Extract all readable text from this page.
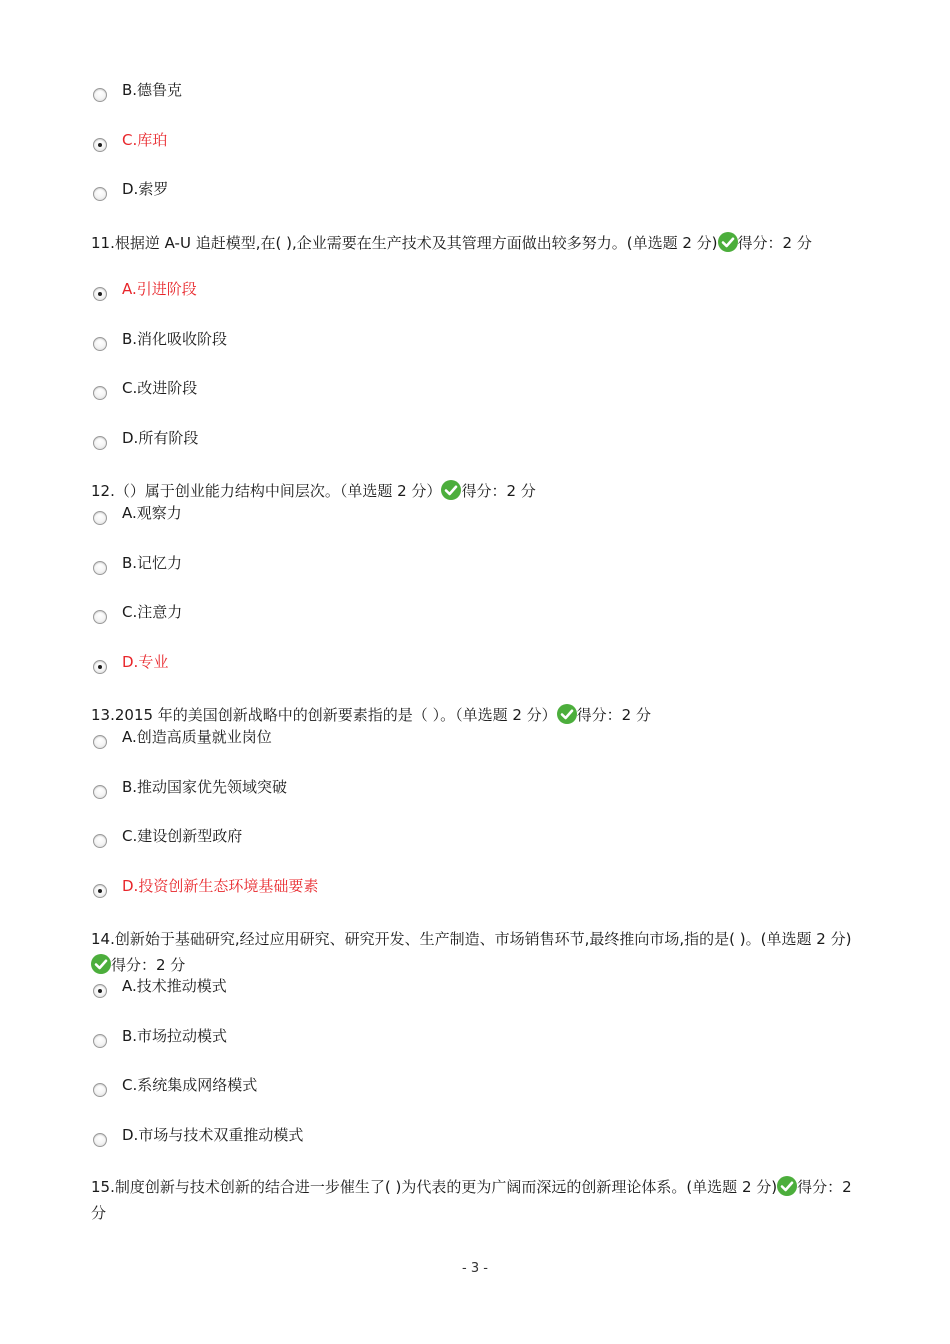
B.德鲁克
C.库珀
D.索罗
11.根据逆 A-U 追赶模型,在( ),企业需要在生产技术及其管理方面做出较多努力。(单选题 2 分) 得分：2 分
A.引进阶段
B.消化吸收阶段
C.改进阶段
D.所有阶段
12.（）属于创业能力结构中间层次。（单选题 2 分） 得分：2 分
A.观察力
B.记忆力
C.注意力
D.专业
13.2015 年的美国创新战略中的创新要素指的是（ ）。（单选题 2 分） 得分：2 分
A.创造高质量就业岗位
B.推动国家优先领域突破
C.建设创新型政府
D.投资创新生态环境基础要素
14.创新始于基础研究,经过应用研究、研究开发、生产制造、市场销售环节,最终推向市场,指的是( )。(单选题 2 分)得分：2 分
A.技术推动模式
B.市场拉动模式
C.系统集成网络模式
D.市场与技术双重推动模式
15.制度创新与技术创新的结合进一步催生了( )为代表的更为广阔而深远的创新理论体系。(单选题 2 分) 得分：2 分
- 3 -
